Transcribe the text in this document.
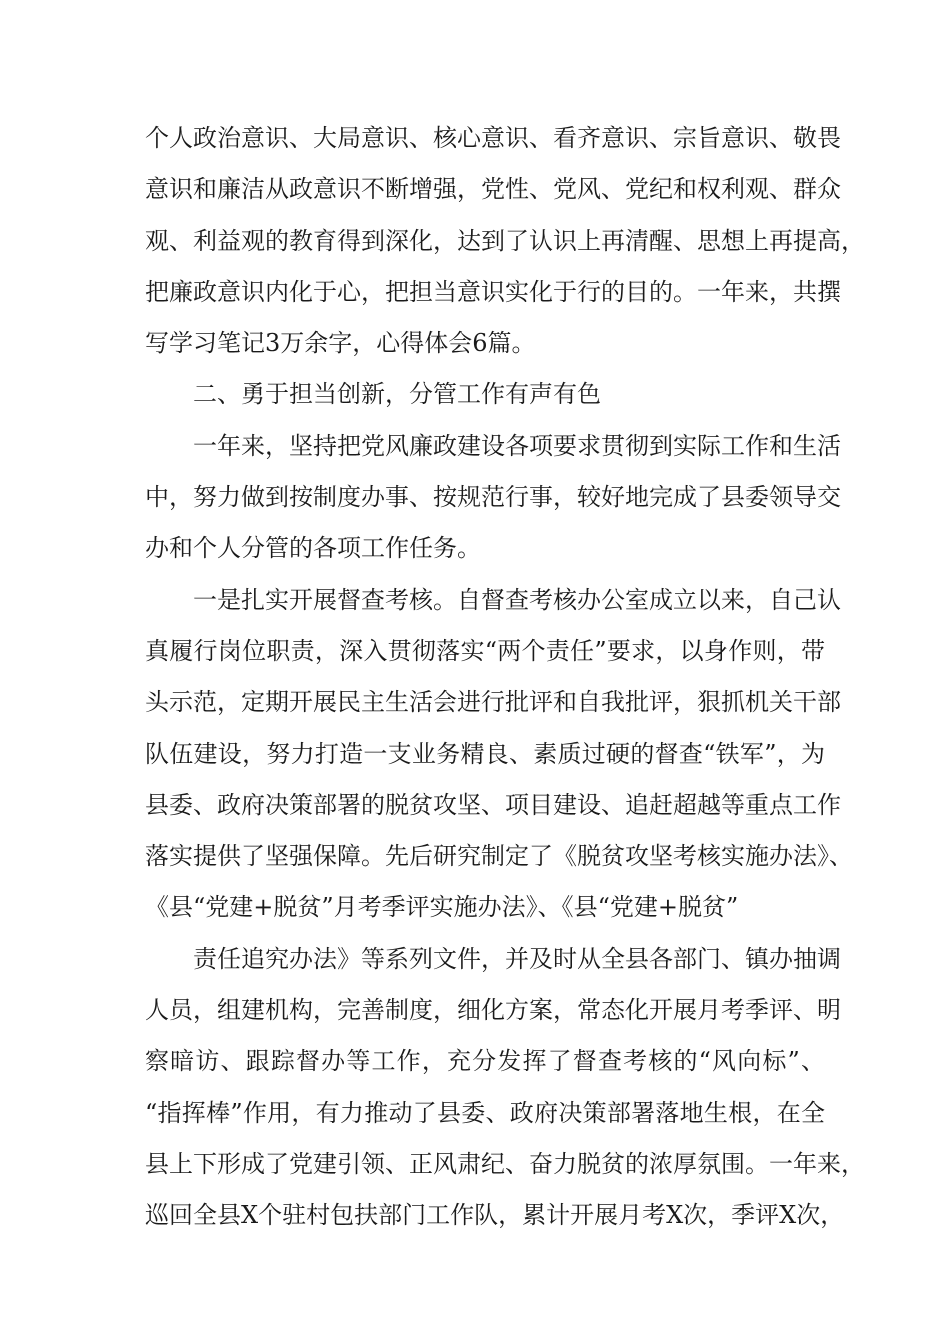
个人政治意识、大局意识、核心意识、看齐意识、宗旨意识、敬畏
意识和廉洁从政意识不断增强，党性、党风、党纪和权利观、群众
观、利益观的教育得到深化，达到了认识上再清醒、思想上再提高，
把廉政意识内化于心，把担当意识实化于行的目的。一年来，共撰
写学习笔记3万余字，心得体会6篇。
二、勇于担当创新，分管工作有声有色
一年来，坚持把党风廉政建设各项要求贯彻到实际工作和生活
中，努力做到按制度办事、按规范行事，较好地完成了县委领导交
办和个人分管的各项工作任务。
一是扎实开展督查考核。自督查考核办公室成立以来，自己认
真履行岗位职责，深入贯彻落实“两个责任”要求，以身作则，带
头示范，定期开展民主生活会进行批评和自我批评，狠抓机关干部
队伍建设，努力打造一支业务精良、素质过硬的督查“铁军”，为
县委、政府决策部署的脱贫攻坚、项目建设、追赶超越等重点工作
落实提供了坚强保障。先后研究制定了《脱贫攻坚考核实施办法》、
《县“党建+脱贫”月考季评实施办法》、《县“党建+脱贫”
责任追究办法》等系列文件，并及时从全县各部门、镇办抽调
人员，组建机构，完善制度，细化方案，常态化开展月考季评、明
察暗访、跟踪督办等工作，充分发挥了督查考核的“风向标”、
“指挥棒”作用，有力推动了县委、政府决策部署落地生根，在全
县上下形成了党建引领、正风肃纪、奋力脱贫的浓厚氛围。一年来，
巡回全县X个驻村包扶部门工作队，累计开展月考X次，季评X次，
